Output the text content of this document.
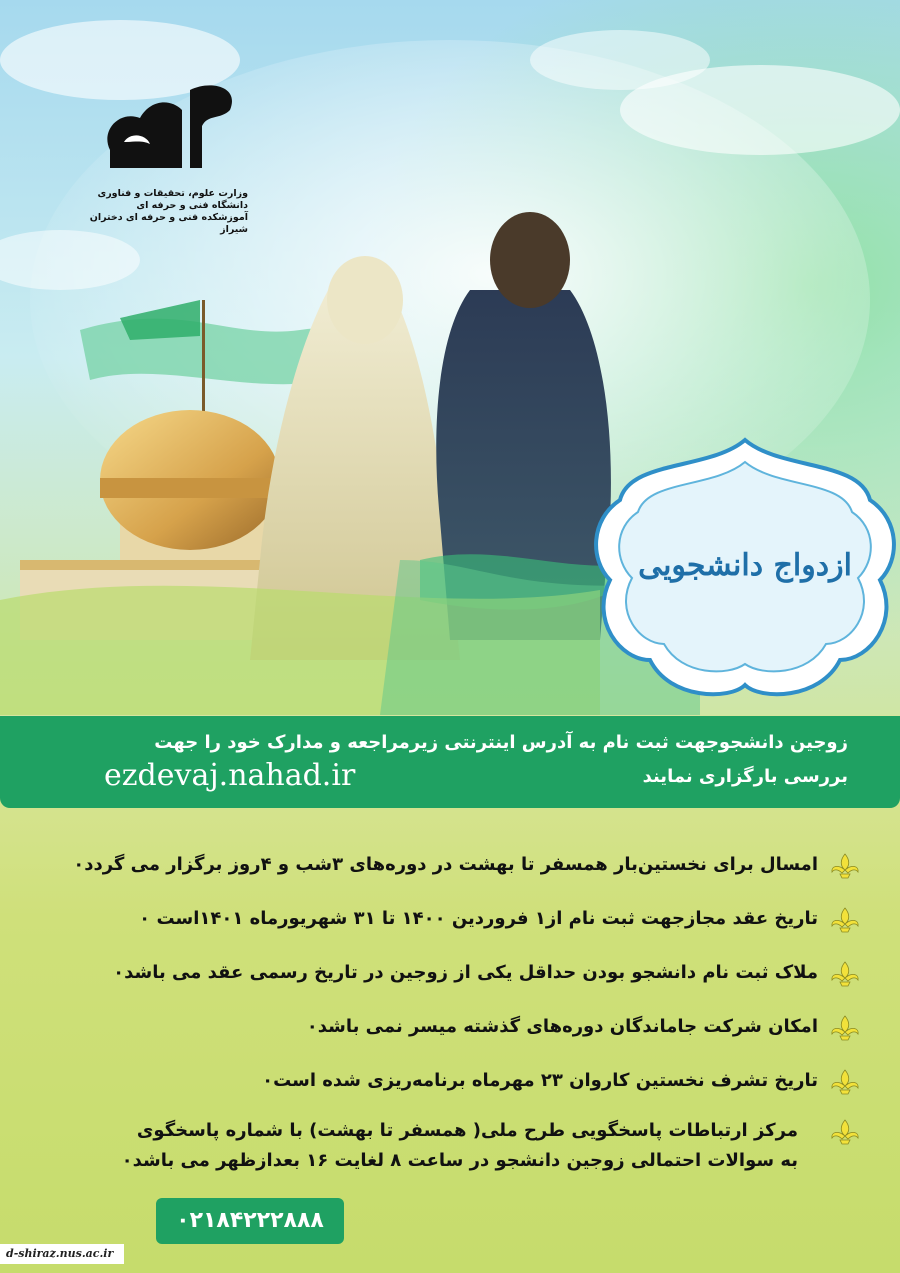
ازدواج دانشجویی
وزارت علوم، تحقیقات و فناوری
دانشگاه فنی و حرفه ای
آموزشکده فنی و حرفه ای دختران شیراز
زوجین دانشجوجهت ثبت نام به آدرس اینترنتی زیرمراجعه و مدارک خود را جهت
بررسی بارگزاری نمایند
ezdevaj.nahad.ir
امسال برای نخستین‌بار همسفر تا بهشت در دوره‌های ۳شب و ۴روز برگزار می گردد٠
تاریخ عقد مجازجهت ثبت نام از۱ فروردین ۱۴۰۰ تا ۳۱ شهریورماه ۱۴۰۱است ٠
ملاک ثبت نام دانشجو بودن حداقل یکی از زوجین در تاریخ رسمی عقد می باشد٠
امکان شرکت جاماندگان دوره‌های گذشته میسر نمی باشد٠
تاریخ تشرف نخستین کاروان ۲۳ مهرماه برنامه‌ریزی شده است٠
مرکز ارتباطات پاسخگویی طرح ملی( همسفر تا بهشت) با شماره پاسخگوی
به سوالات احتمالی زوجین دانشجو در ساعت ۸ لغایت ۱۶ بعدازظهر می باشد٠
۰۲۱۸۴۲۲۲۸۸۸
d-shiraz.nus.ac.ir
